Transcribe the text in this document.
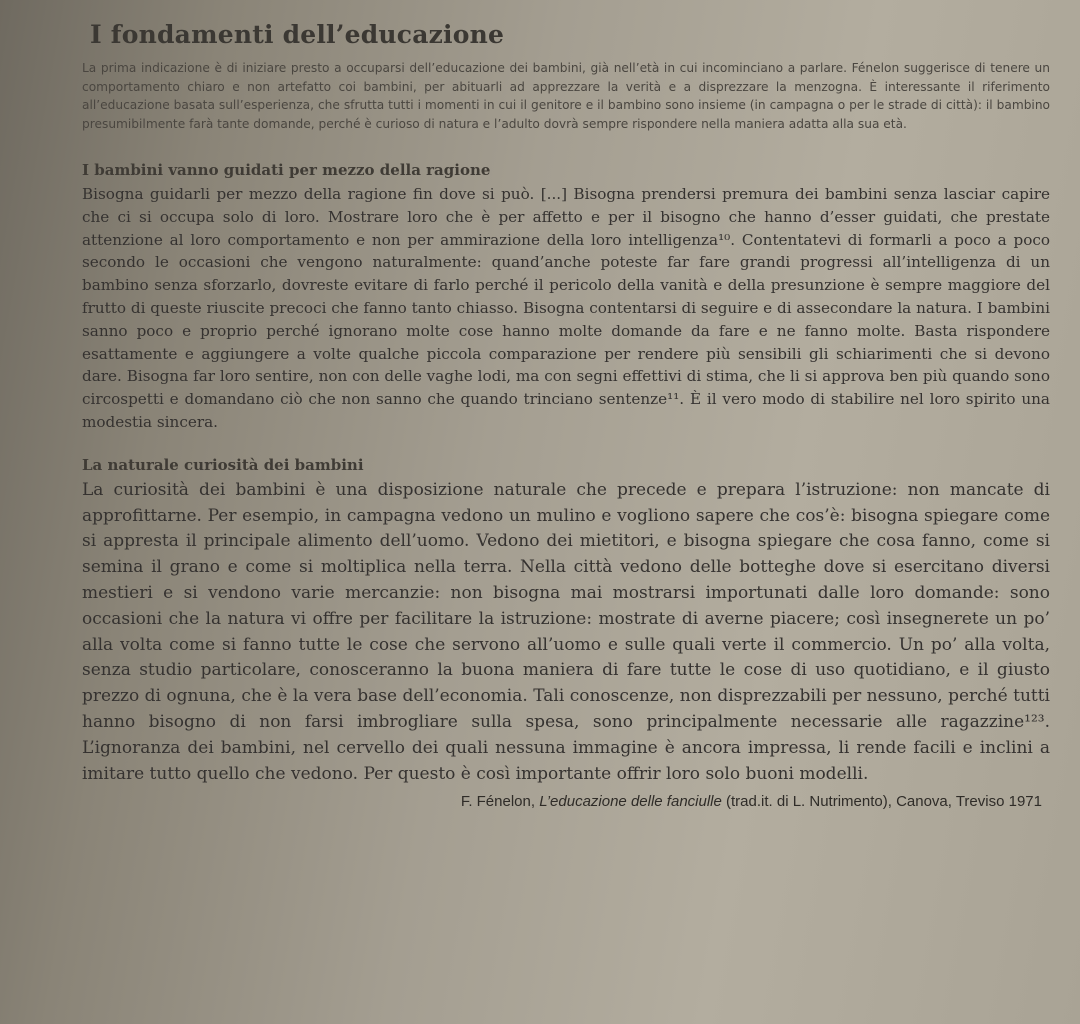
I fondamenti dell’educazione

La prima indicazione è di iniziare presto a occuparsi dell’educazione dei bambini, già nell’età in cui incominciano a parlare. Fénelon suggerisce di tenere un comportamento chiaro e non artefatto coi bambini, per abituarli ad apprezzare la verità e a disprezzare la menzogna. È interessante il riferimento all’educazione basata sull’esperienza, che sfrutta tutti i momenti in cui il genitore e il bambino sono insieme (in campagna o per le strade di città): il bambino presumibilmente farà tante domande, perché è curioso di natura e l’adulto dovrà sempre rispondere nella maniera adatta alla sua età.

I bambini vanno guidati per mezzo della ragione

Bisogna guidarli per mezzo della ragione fin dove si può. [...] Bisogna prendersi premura dei bambini senza lasciar capire che ci si occupa solo di loro. Mostrare loro che è per affetto e per il bisogno che hanno d’esser guidati, che prestate attenzione al loro comportamento e non per ammirazione della loro intelligenza¹⁰. Contentatevi di formarli a poco a poco secondo le occasioni che vengono naturalmente: quand’anche poteste far fare grandi progressi all’intelligenza di un bambino senza sforzarlo, dovreste evitare di farlo perché il pericolo della vanità e della presunzione è sempre maggiore del frutto di queste riuscite precoci che fanno tanto chiasso. Bisogna contentarsi di seguire e di assecondare la natura. I bambini sanno poco e proprio perché ignorano molte cose hanno molte domande da fare e ne fanno molte. Basta rispondere esattamente e aggiungere a volte qualche piccola comparazione per rendere più sensibili gli schiarimenti che si devono dare. Bisogna far loro sentire, non con delle vaghe lodi, ma con segni effettivi di stima, che li si approva ben più quando sono circospetti e domandano ciò che non sanno che quando trinciano sentenze¹¹. È il vero modo di stabilire nel loro spirito una modestia sincera.

La naturale curiosità dei bambini

La curiosità dei bambini è una disposizione naturale che precede e prepara l’istruzione: non mancate di approfittarne. Per esempio, in campagna vedono un mulino e vogliono sapere che cos’è: bisogna spiegare come si appresta il principale alimento dell’uomo. Vedono dei mietitori, e bisogna spiegare che cosa fanno, come si semina il grano e come si moltiplica nella terra. Nella città vedono delle botteghe dove si esercitano diversi mestieri e si vendono varie mercanzie: non bisogna mai mostrarsi importunati dalle loro domande: sono occasioni che la natura vi offre per facilitare la istruzione: mostrate di averne piacere; così insegnerete un po’ alla volta come si fanno tutte le cose che servono all’uomo e sulle quali verte il commercio. Un po’ alla volta, senza studio particolare, conosceranno la buona maniera di fare tutte le cose di uso quotidiano, e il giusto prezzo di ognuna, che è la vera base dell’economia. Tali conoscenze, non disprezzabili per nessuno, perché tutti hanno bisogno di non farsi imbrogliare sulla spesa, sono principalmente necessarie alle ragazzine¹²³. L’ignoranza dei bambini, nel cervello dei quali nessuna immagine è ancora impressa, li rende facili e inclini a imitare tutto quello che vedono. Per questo è così importante offrir loro solo buoni modelli.

F. Fénelon, L’educazione delle fanciulle (trad.it. di L. Nutrimento), Canova, Treviso 1971
